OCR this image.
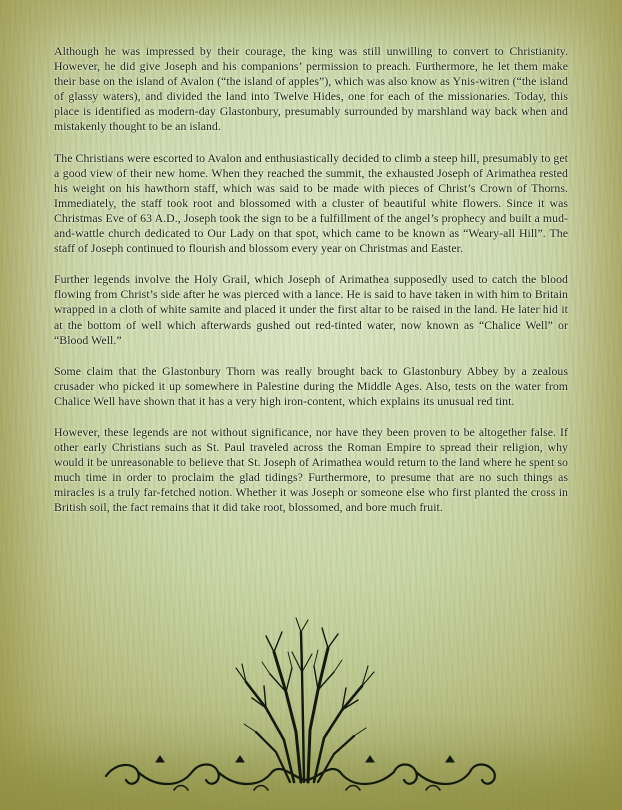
Although he was impressed by their courage, the king was still unwilling to convert to Christianity. However, he did give Joseph and his companions’ permission to preach. Furthermore, he let them make their base on the island of Avalon (“the island of apples”), which was also know as Ynis-witren (“the island of glassy waters), and divided the land into Twelve Hides, one for each of the missionaries. Today, this place is identified as modern-day Glastonbury, presumably surrounded by marshland way back when and mistakenly thought to be an island.

The Christians were escorted to Avalon and enthusiastically decided to climb a steep hill, presumably to get a good view of their new home. When they reached the summit, the exhausted Joseph of Arimathea rested his weight on his hawthorn staff, which was said to be made with pieces of Christ’s Crown of Thorns. Immediately, the staff took root and blossomed with a cluster of beautiful white flowers. Since it was Christmas Eve of 63 A.D., Joseph took the sign to be a fulfillment of the angel’s prophecy and built a mud-and-wattle church dedicated to Our Lady on that spot, which came to be known as “Weary-all Hill”. The staff of Joseph continued to flourish and blossom every year on Christmas and Easter.

Further legends involve the Holy Grail, which Joseph of Arimathea supposedly used to catch the blood flowing from Christ’s side after he was pierced with a lance. He is said to have taken in with him to Britain wrapped in a cloth of white samite and placed it under the first altar to be raised in the land. He later hid it at the bottom of well which afterwards gushed out red-tinted water, now known as “Chalice Well” or “Blood Well.”

Some claim that the Glastonbury Thorn was really brought back to Glastonbury Abbey by a zealous crusader who picked it up somewhere in Palestine during the Middle Ages. Also, tests on the water from Chalice Well have shown that it has a very high iron-content, which explains its unusual red tint.

However, these legends are not without significance, nor have they been proven to be altogether false. If other early Christians such as St. Paul traveled across the Roman Empire to spread their religion, why would it be unreasonable to believe that St. Joseph of Arimathea would return to the land where he spent so much time in order to proclaim the glad tidings? Furthermore, to presume that are no such things as miracles is a truly far-fetched notion. Whether it was Joseph or someone else who first planted the cross in British soil, the fact remains that it did take root, blossomed, and bore much fruit.
